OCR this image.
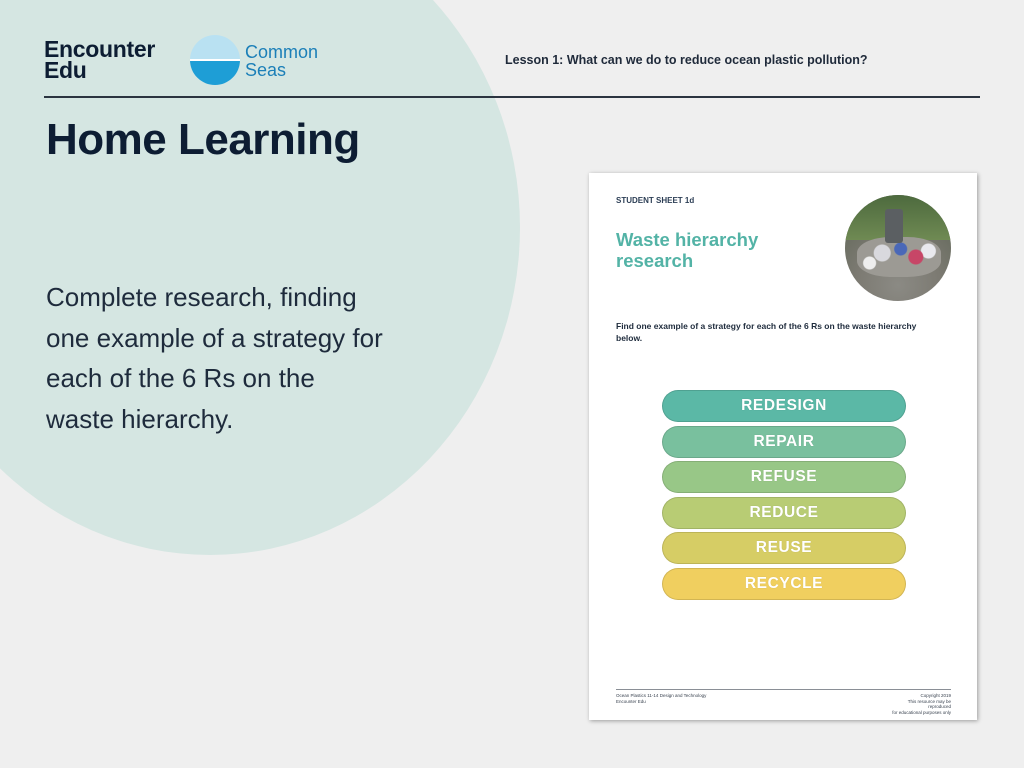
Encounter
Edu
Common
Seas	Lesson 1: What can we do to reduce ocean plastic pollution?
Home Learning
Complete research, finding one example of a strategy for each of the 6 Rs on the waste hierarchy.
STUDENT SHEET 1d
Waste hierarchy
research
Find one example of a strategy for each of the 6 Rs on the waste hierarchy below.
REDESIGN
REPAIR
REFUSE
REDUCE
REUSE
RECYCLE
Ocean Plastics 11-14 Design and Technology
Encounter Edu
Copyright 2019
This resource may be reproduced
for educational purposes only
